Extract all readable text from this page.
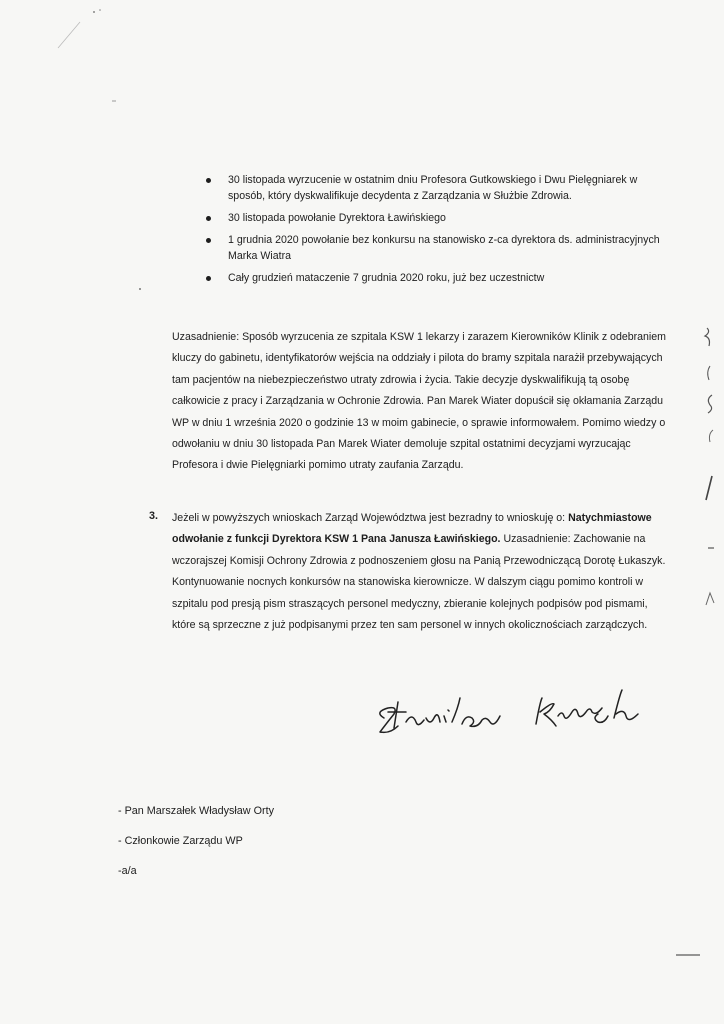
30 listopada wyrzucenie w ostatnim dniu Profesora Gutkowskiego i Dwu Pielęgniarek w sposób, który dyskwalifikuje decydenta z Zarządzania w Służbie Zdrowia.
30 listopada powołanie Dyrektora Ławińskiego
1 grudnia 2020 powołanie bez konkursu na stanowisko z-ca dyrektora ds. administracyjnych Marka Wiatra
Cały grudzień mataczenie 7 grudnia 2020 roku, już bez uczestnictw

Uzasadnienie: Sposób wyrzucenia ze szpitala KSW 1 lekarzy i zarazem Kierowników Klinik z odebraniem kluczy do gabinetu, identyfikatorów wejścia na oddziały i pilota do bramy szpitala narażił przebywających tam pacjentów na niebezpieczeństwo utraty zdrowia i życia. Takie decyzje dyskwalifikują tą osobę całkowicie z pracy i Zarządzania w Ochronie Zdrowia. Pan Marek Wiater dopuścił się okłamania Zarządu WP w dniu 1 września 2020 o godzinie 13 w moim gabinecie, o sprawie informowałem. Pomimo wiedzy o odwołaniu w dniu 30 listopada Pan Marek Wiater demoluje szpital ostatnimi decyzjami wyrzucając Profesora i dwie Pielęgniarki pomimo utraty zaufania Zarządu.

3. Jeżeli w powyższych wnioskach Zarząd Województwa jest bezradny to wnioskuję o: Natychmiastowe odwołanie z funkcji Dyrektora KSW 1 Pana Janusza Ławińskiego. Uzasadnienie: Zachowanie na wczorajszej Komisji Ochrony Zdrowia z podnoszeniem głosu na Panią Przewodniczącą Dorotę Łukaszyk. Kontynuowanie nocnych konkursów na stanowiska kierownicze. W dalszym ciągu pomimo kontroli w szpitalu pod presją pism straszących personel medyczny, zbieranie kolejnych podpisów pod pismami, które są sprzeczne z już podpisanymi przez ten sam personel w innych okolicznościach zarządczych.

- Pan Marszałek Władysław Orty
- Członkowie Zarządu WP
-a/a
